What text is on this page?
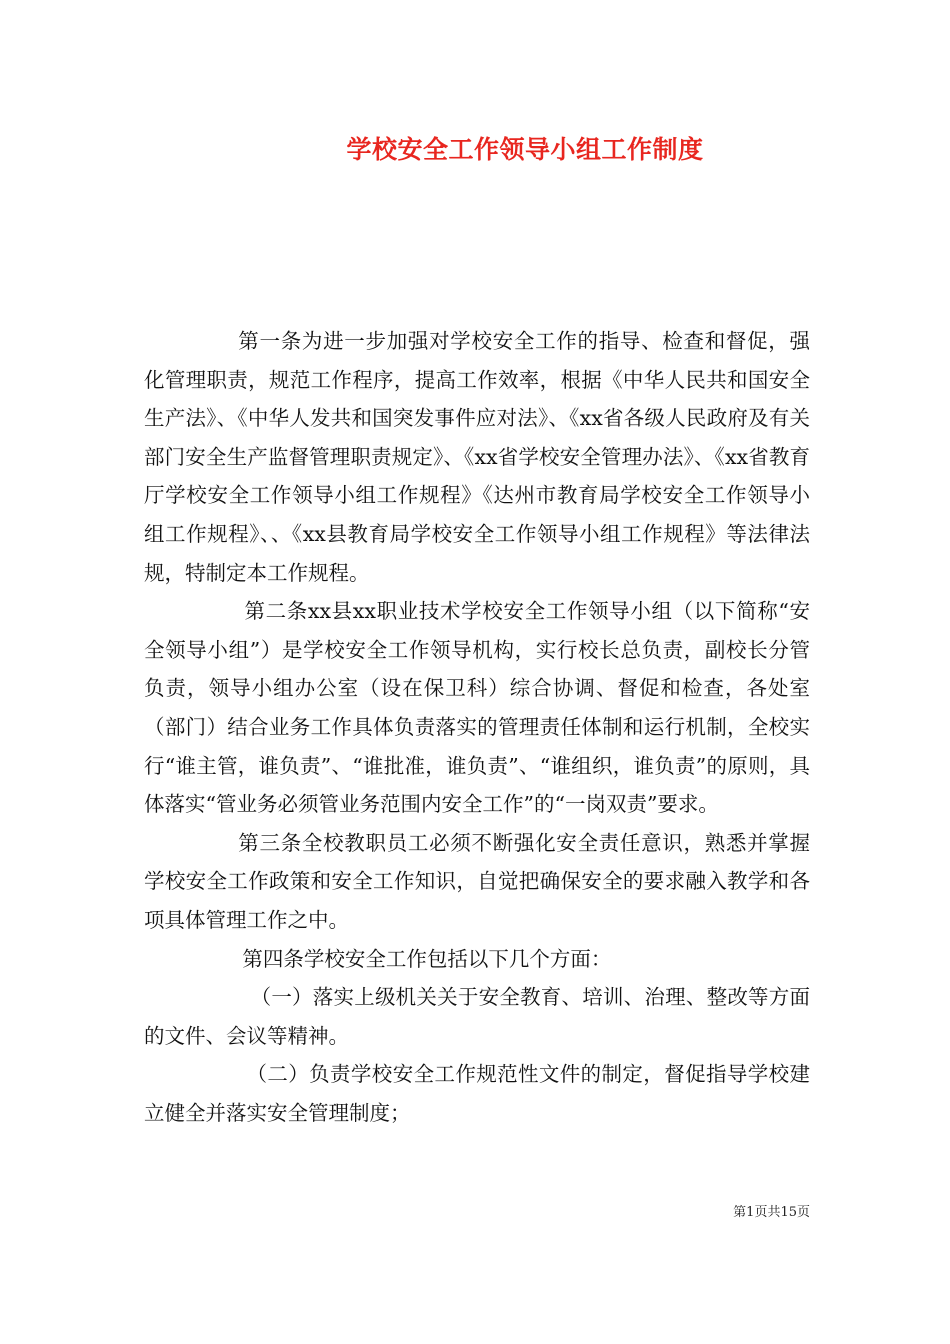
学校安全工作领导小组工作制度

第一条为进一步加强对学校安全工作的指导、检查和督促，强化管理职责，规范工作程序，提高工作效率，根据《中华人民共和国安全生产法》、《中华人发共和国突发事件应对法》、《xx省各级人民政府及有关部门安全生产监督管理职责规定》、《xx省学校安全管理办法》、《xx省教育厅学校安全工作领导小组工作规程》《达州市教育局学校安全工作领导小组工作规程》、、《xx县教育局学校安全工作领导小组工作规程》等法律法规，特制定本工作规程。

第二条xx县xx职业技术学校安全工作领导小组（以下简称“安全领导小组”）是学校安全工作领导机构，实行校长总负责，副校长分管负责，领导小组办公室（设在保卫科）综合协调、督促和检查，各处室（部门）结合业务工作具体负责落实的管理责任体制和运行机制，全校实行“谁主管，谁负责”、“谁批准，谁负责”、“谁组织，谁负责”的原则，具体落实“管业务必须管业务范围内安全工作”的“一岗双责”要求。

第三条全校教职员工必须不断强化安全责任意识，熟悉并掌握学校安全工作政策和安全工作知识，自觉把确保安全的要求融入教学和各项具体管理工作之中。

第四条学校安全工作包括以下几个方面：

（一）落实上级机关关于安全教育、培训、治理、整改等方面的文件、会议等精神。

（二）负责学校安全工作规范性文件的制定，督促指导学校建立健全并落实安全管理制度；

第1页共15页
